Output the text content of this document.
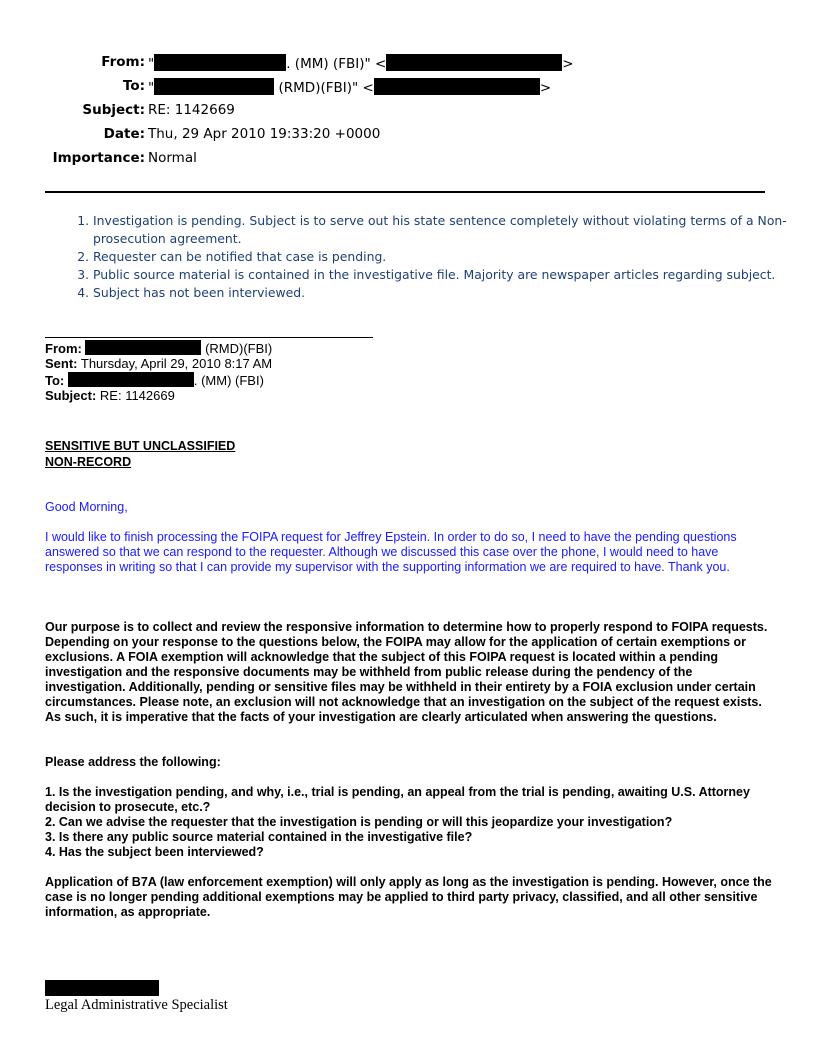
From: "	. (MM) (FBI)" <	>
To: "	(RMD)(FBI)" <	>
Subject: RE: 1142669
Date: Thu, 29 Apr 2010 19:33:20 +0000
Importance: Normal
1. Investigation is pending. Subject is to serve out his state sentence completely without violating terms of a Non-prosecution agreement.
2. Requester can be notified that case is pending.
3. Public source material is contained in the investigative file. Majority are newspaper articles regarding subject.
4. Subject has not been interviewed.
From:	(RMD)(FBI)
Sent: Thursday, April 29, 2010 8:17 AM
To:	. (MM) (FBI)
Subject: RE: 1142669
SENSITIVE BUT UNCLASSIFIED
NON-RECORD
Good Morning,
I would like to finish processing the FOIPA request for Jeffrey Epstein. In order to do so, I need to have the pending questions answered so that we can respond to the requester. Although we discussed this case over the phone, I would need to have responses in writing so that I can provide my supervisor with the supporting information we are required to have. Thank you.
Our purpose is to collect and review the responsive information to determine how to properly respond to FOIPA requests. Depending on your response to the questions below, the FOIPA may allow for the application of certain exemptions or exclusions. A FOIA exemption will acknowledge that the subject of this FOIPA request is located within a pending investigation and the responsive documents may be withheld from public release during the pendency of the investigation. Additionally, pending or sensitive files may be withheld in their entirety by a FOIA exclusion under certain circumstances. Please note, an exclusion will not acknowledge that an investigation on the subject of the request exists. As such, it is imperative that the facts of your investigation are clearly articulated when answering the questions.
Please address the following:
1. Is the investigation pending, and why, i.e., trial is pending, an appeal from the trial is pending, awaiting U.S. Attorney decision to prosecute, etc.?
2. Can we advise the requester that the investigation is pending or will this jeopardize your investigation?
3. Is there any public source material contained in the investigative file?
4. Has the subject been interviewed?
Application of B7A (law enforcement exemption) will only apply as long as the investigation is pending. However, once the case is no longer pending additional exemptions may be applied to third party privacy, classified, and all other sensitive information, as appropriate.
Legal Administrative Specialist
